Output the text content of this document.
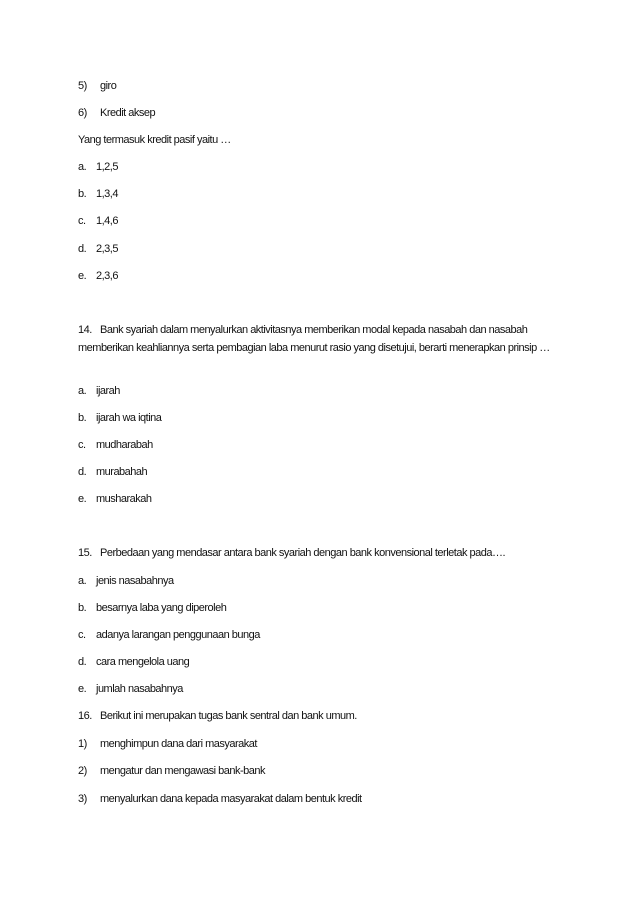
5) giro
6) Kredit aksep
Yang termasuk kredit pasif yaitu …
a. 1,2,5
b. 1,3,4
c. 1,4,6
d. 2,3,5
e. 2,3,6
14. Bank syariah dalam menyalurkan aktivitasnya memberikan modal kepada nasabah dan nasabah memberikan keahliannya serta pembagian laba menurut rasio yang disetujui, berarti menerapkan prinsip …
a. ijarah
b. ijarah wa iqtina
c. mudharabah
d. murabahah
e. musharakah
15. Perbedaan yang mendasar antara bank syariah dengan bank konvensional terletak pada….
a. jenis nasabahnya
b. besarnya laba yang diperoleh
c. adanya larangan penggunaan bunga
d. cara mengelola uang
e. jumlah nasabahnya
16. Berikut ini merupakan tugas bank sentral dan bank umum.
1) menghimpun dana dari masyarakat
2) mengatur dan mengawasi bank-bank
3) menyalurkan dana kepada masyarakat dalam bentuk kredit
